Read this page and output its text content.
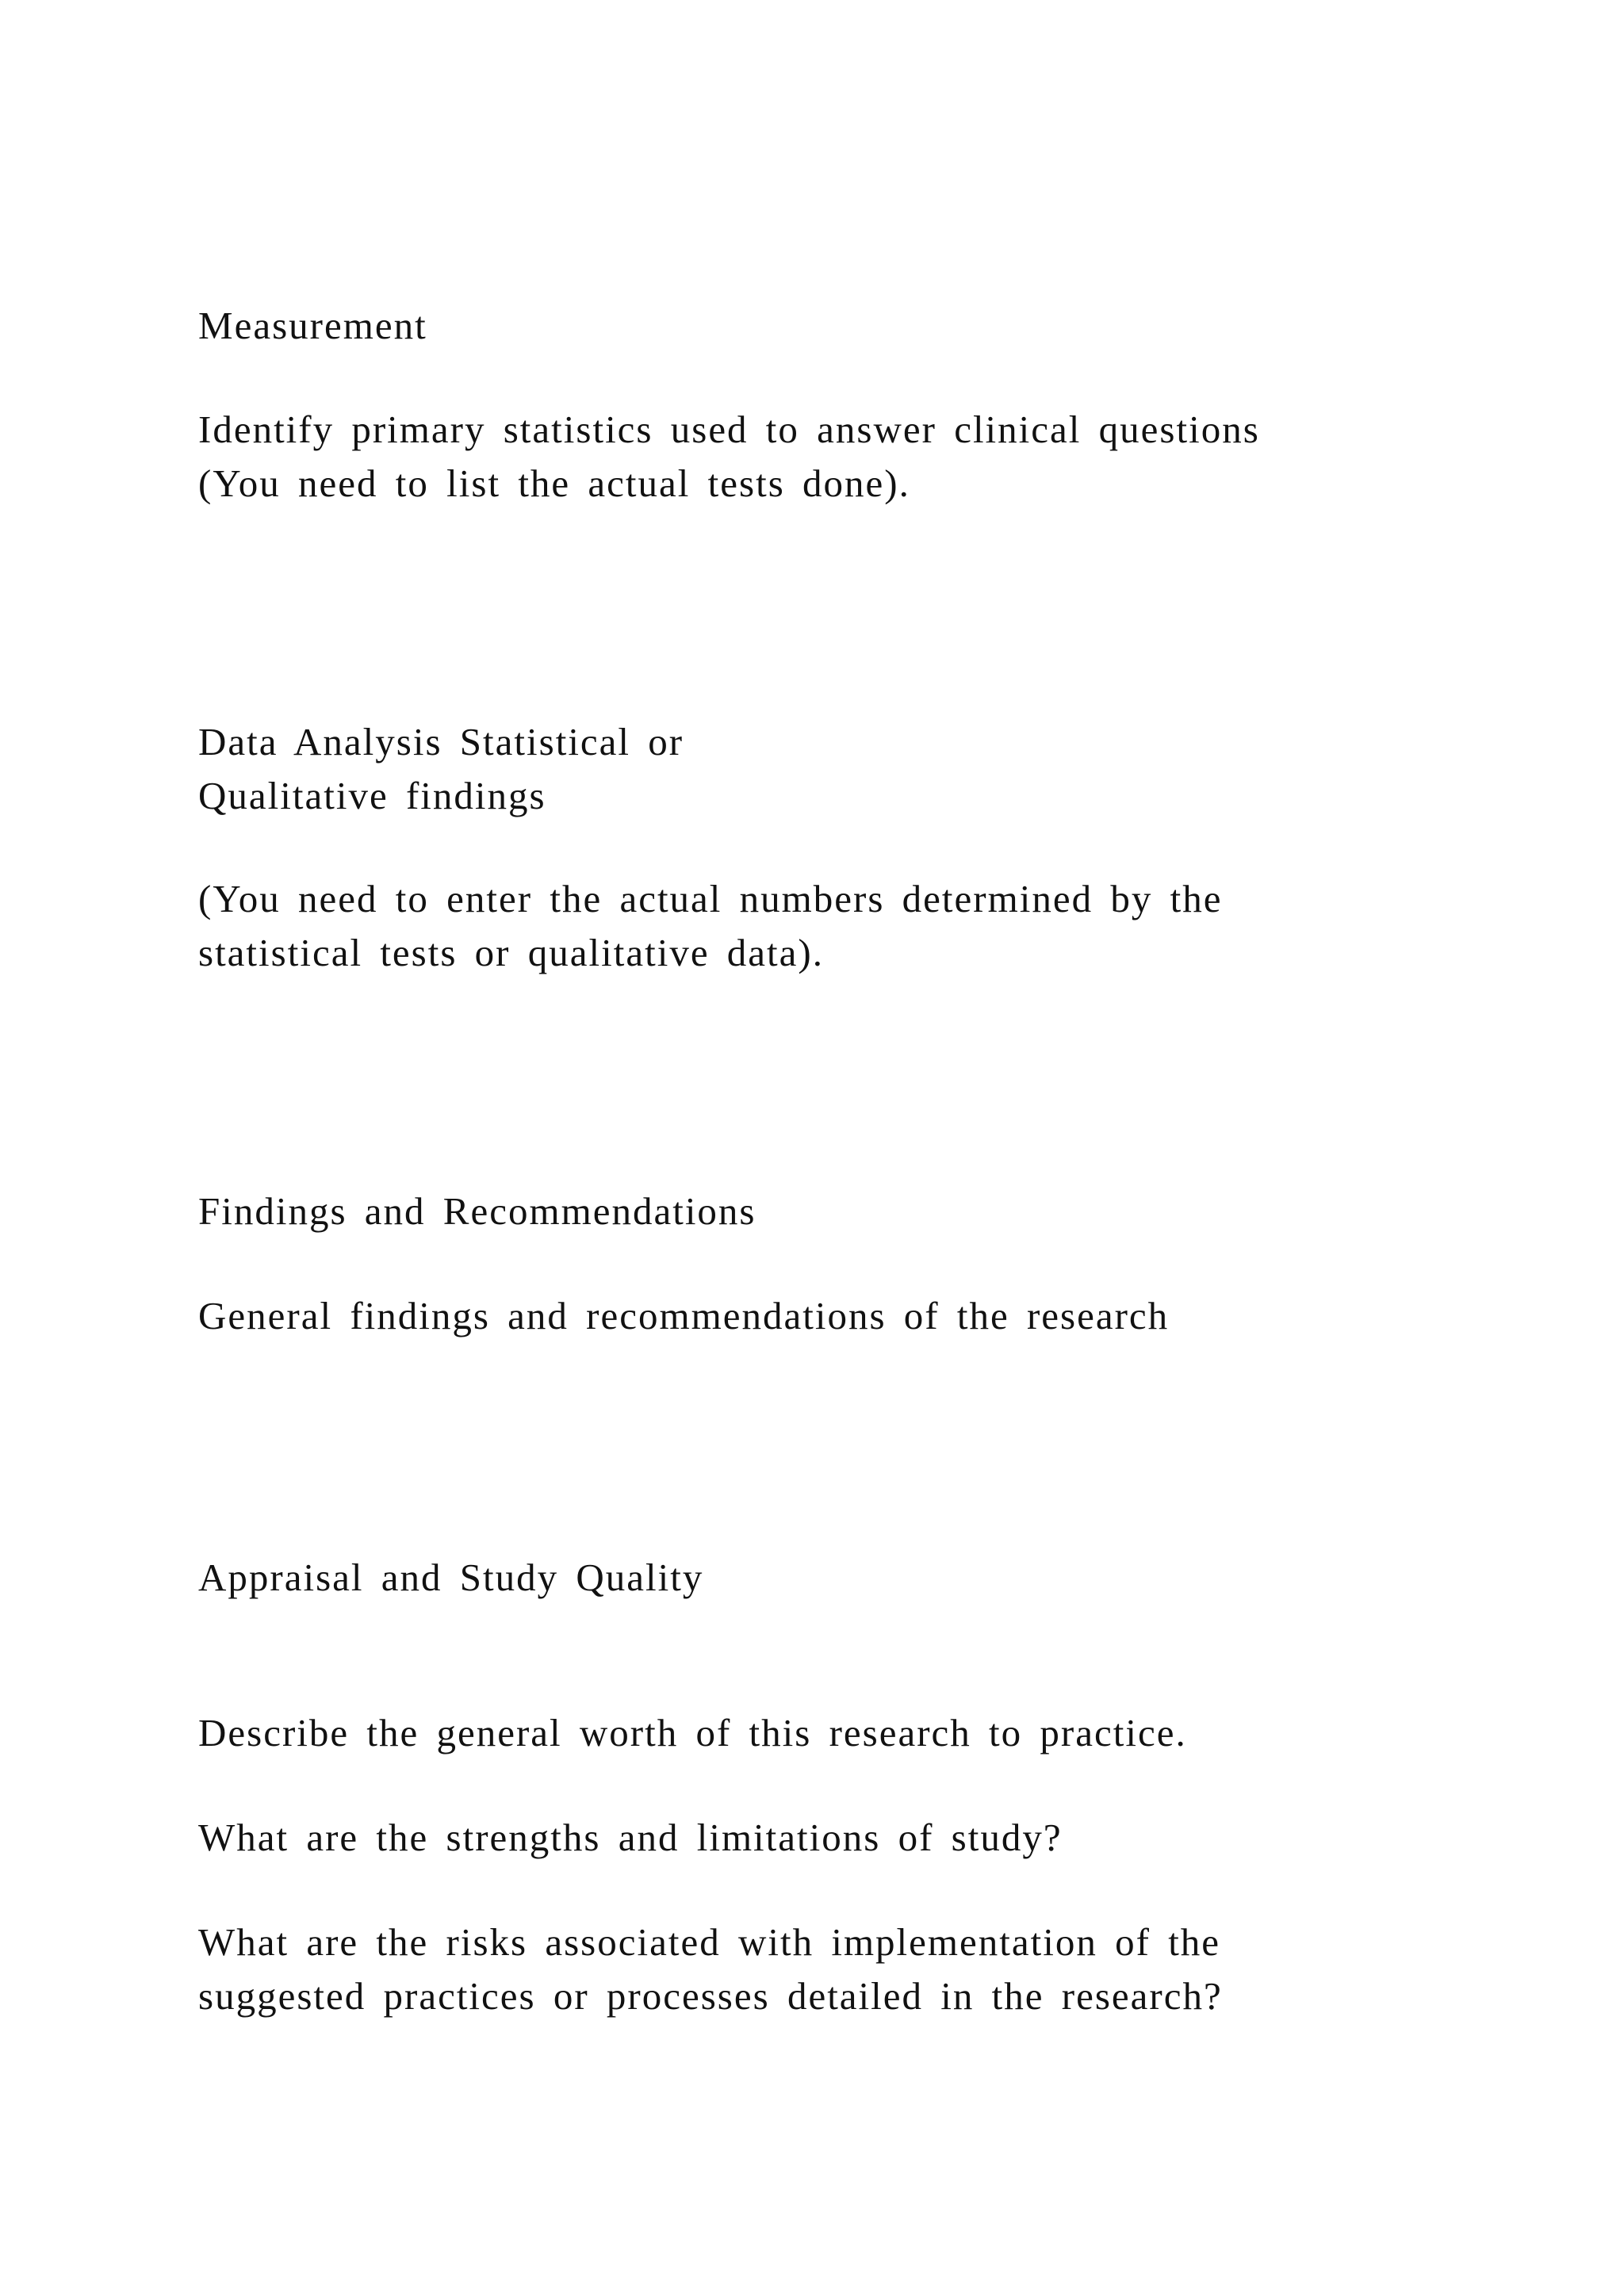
Measurement
Identify primary statistics used to answer clinical questions
(You need to list the actual tests done).
Data Analysis Statistical or
Qualitative findings
(You need to enter the actual numbers determined by the
statistical tests or qualitative data).
Findings and Recommendations
General findings and recommendations of the research
Appraisal and Study Quality
Describe the general worth of this research to practice.
What are the strengths and limitations of study?
What are the risks associated with implementation of the
suggested practices or processes detailed in the research?
